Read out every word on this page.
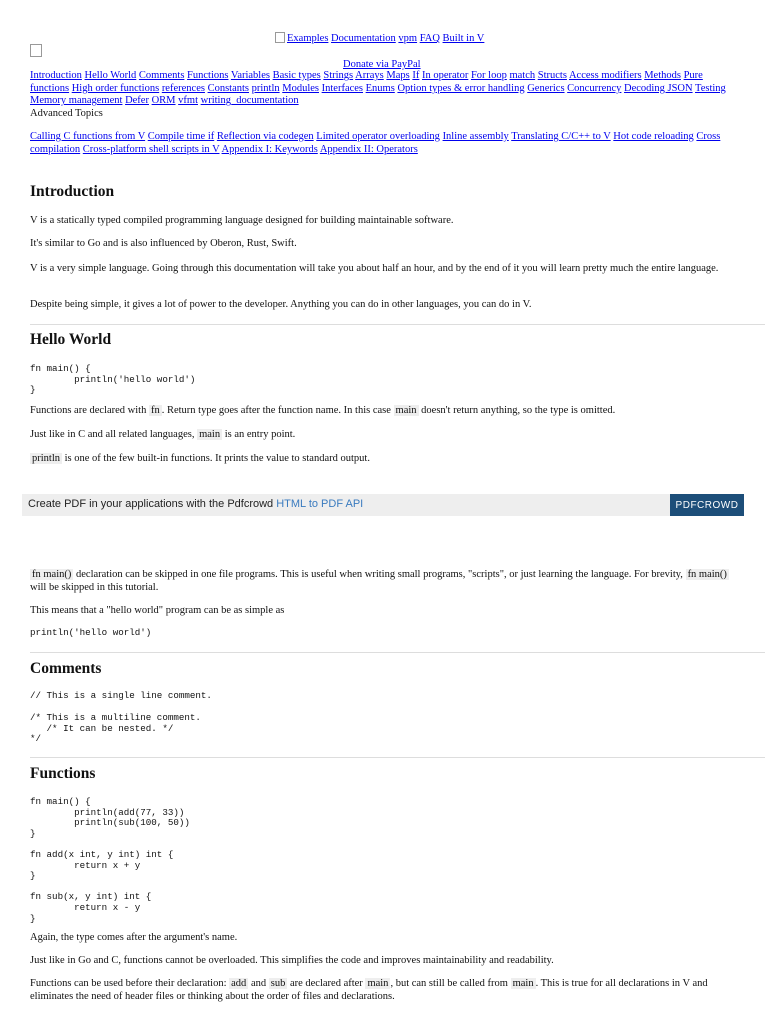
Examples Documentation vpm FAQ Built in V
Donate via PayPal
Introduction Hello World Comments Functions Variables Basic types Strings Arrays Maps If In operator For loop match Structs Access modifiers Methods Pure functions High order functions references Constants println Modules Interfaces Enums Option types & error handling Generics Concurrency Decoding JSON Testing Memory management Defer ORM vfmt writing_documentation
Advanced Topics
Calling C functions from V Compile time if Reflection via codegen Limited operator overloading Inline assembly Translating C/C++ to V Hot code reloading Cross compilation Cross-platform shell scripts in V Appendix I: Keywords Appendix II: Operators
Introduction

V is a statically typed compiled programming language designed for building maintainable software.

It's similar to Go and is also influenced by Oberon, Rust, Swift.

V is a very simple language. Going through this documentation will take you about half an hour, and by the end of it you will learn pretty much the entire language.

Despite being simple, it gives a lot of power to the developer. Anything you can do in other languages, you can do in V.

Hello World
fn main() {
println('hello world')
}

Functions are declared with fn . Return type goes after the function name. In this case main doesn't return anything, so the type is omitted.

Just like in C and all related languages, main is an entry point.

println is one of the few built-in functions. It prints the value to standard output.

Create PDF in your applications with the Pdfcrowd HTML to PDF API	PDFCROWD

fn main() declaration can be skipped in one file programs. This is useful when writing small programs, "scripts", or just learning the language. For brevity, fn main() will be skipped in this tutorial.

This means that a "hello world" program can be as simple as

println('hello world')
Comments
// This is a single line comment.
/* This is a multiline comment.
/* It can be nested. */
*/
Functions
fn main() {
println(add(77, 33))
println(sub(100, 50))
}

fn add(x int, y int) int {
return x + y
}

fn sub(x, y int) int {
return x - y
}

Again, the type comes after the argument's name.

Just like in Go and C, functions cannot be overloaded. This simplifies the code and improves maintainability and readability.

Functions can be used before their declaration: add and sub are declared after main , but can still be called from main . This is true for all declarations in V and eliminates the need of header files or thinking about the order of files and declarations.
